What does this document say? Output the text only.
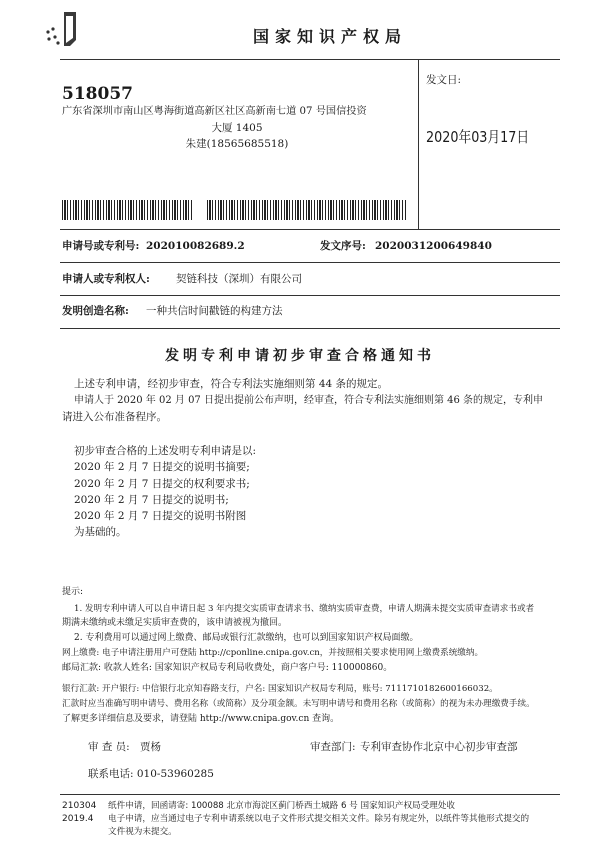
国家知识产权局
518057
广东省深圳市南山区粤海街道高新区社区高新南七道 07 号国信投资
大厦 1405
朱建(18565685518)
发文日:
2020年03月17日
申请号或专利号: 202010082689.2	发文序号: 2020031200649840
申请人或专利权人: 契链科技（深圳）有限公司
发明创造名称: 一种共信时间戳链的构建方法
发明专利申请初步审查合格通知书
上述专利申请，经初步审查，符合专利法实施细则第 44 条的规定。
申请人于 2020 年 02 月 07 日提出提前公布声明，经审查，符合专利法实施细则第 46 条的规定，专利申
请进入公布准备程序。
初步审查合格的上述发明专利申请是以:
2020 年 2 月 7 日提交的说明书摘要;
2020 年 2 月 7 日提交的权利要求书;
2020 年 2 月 7 日提交的说明书;
2020 年 2 月 7 日提交的说明书附图
为基础的。
提示:
1. 发明专利申请人可以自申请日起 3 年内提交实质审查请求书、缴纳实质审查费，申请人期满未提交实质审查请求书或者
期满未缴纳或未缴足实质审查费的，该申请被视为撤回。
2. 专利费用可以通过网上缴费、邮局或银行汇款缴纳，也可以到国家知识产权局面缴。
网上缴费: 电子申请注册用户可登陆 http://cponline.cnipa.gov.cn，并按照相关要求使用网上缴费系统缴纳。
邮局汇款: 收款人姓名: 国家知识产权局专利局收费处，商户客户号: 110000860。
银行汇款: 开户银行: 中信银行北京知春路支行，户名: 国家知识产权局专利局，账号: 7111710182600166032。
汇款时应当准确写明申请号、费用名称（或简称）及分项金额。未写明申请号和费用名称（或简称）的视为未办理缴费手续。
了解更多详细信息及要求，请登陆 http://www.cnipa.gov.cn 查询。
审 查 员: 贾杨	审查部门: 专利审查协作北京中心初步审查部
联系电话: 010-53960285
210304
2019.4
纸件申请，回函请寄: 100088 北京市海淀区蓟门桥西土城路 6 号 国家知识产权局受理处收
电子申请，应当通过电子专利申请系统以电子文件形式提交相关文件。除另有规定外，以纸件等其他形式提交的
文件视为未提交。
